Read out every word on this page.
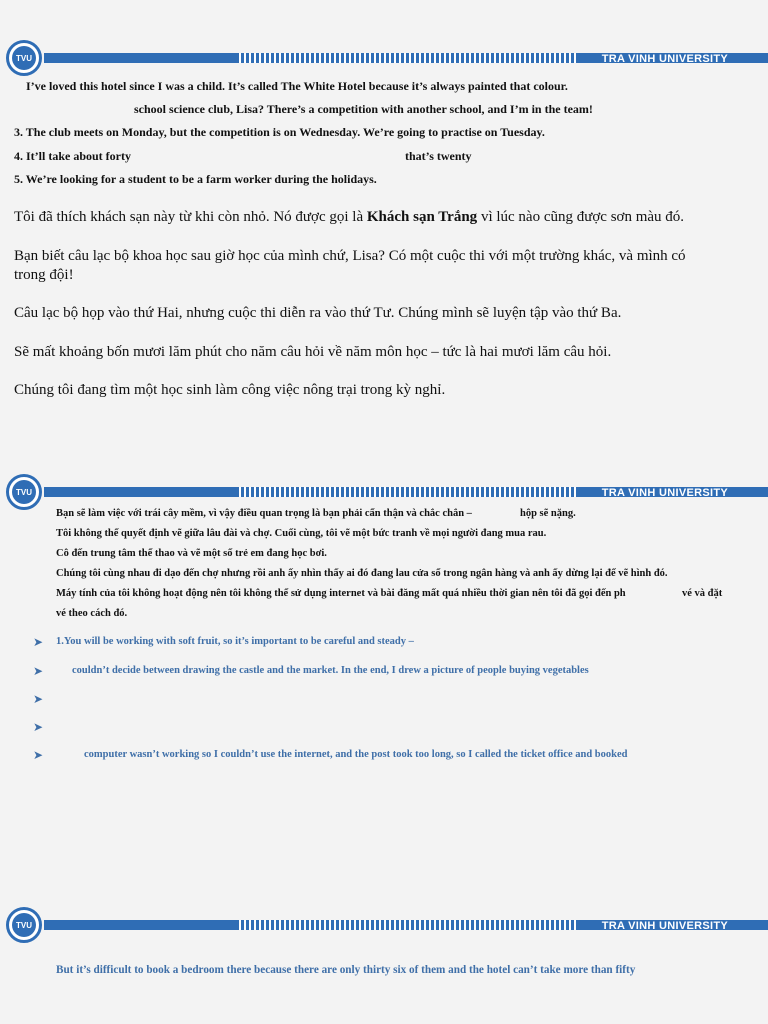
TVU	TRA VINH UNIVERSITY
I’ve loved this hotel since I was a child. It’s called The White Hotel because it’s always painted that colour.
school science club, Lisa? There’s a competition with another school, and I’m in the team!
3. The club meets on Monday, but the competition is on Wednesday. We’re going to practise on Tuesday.
4. It’ll take about forty	that’s twenty
5. We’re looking for a student to be a farm worker during the holidays.
Tôi đã thích khách sạn này từ khi còn nhỏ. Nó được gọi là Khách sạn Trắng vì lúc nào cũng được sơn màu đó.
Bạn biết câu lạc bộ khoa học sau giờ học của mình chứ, Lisa? Có một cuộc thi với một trường khác, và mình có
trong đội!
Câu lạc bộ họp vào thứ Hai, nhưng cuộc thi diễn ra vào thứ Tư. Chúng mình sẽ luyện tập vào thứ Ba.
Sẽ mất khoảng bốn mươi lăm phút cho năm câu hỏi về năm môn học – tức là hai mươi lăm câu hỏi.
Chúng tôi đang tìm một học sinh làm công việc nông trại trong kỳ nghỉ.
TVU	TRA VINH UNIVERSITY
Bạn sẽ làm việc với trái cây mềm, vì vậy điều quan trọng là bạn phải cẩn thận và chắc chắn –	hộp sẽ nặng.
Tôi không thể quyết định vẽ giữa lâu đài và chợ. Cuối cùng, tôi vẽ một bức tranh về mọi người đang mua rau.
Cô đến trung tâm thể thao và vẽ một số trẻ em đang học bơi.
Chúng tôi cùng nhau đi dạo đến chợ nhưng rồi anh ấy nhìn thấy ai đó đang lau cửa sổ trong ngân hàng và anh ấy dừng lại để vẽ hình đó.
Máy tính của tôi không hoạt động nên tôi không thể sử dụng internet và bài đăng mất quá nhiều thời gian nên tôi đã gọi đến ph	vé và đặt
vé theo cách đó.
➤ 1.You will be working with soft fruit, so it’s important to be careful and steady –
➤	couldn’t decide between drawing the castle and the market. In the end, I drew a picture of people buying vegetables
➤
➤
➤	computer wasn’t working so I couldn’t use the internet, and the post took too long, so I called the ticket office and booked
TVU	TRA VINH UNIVERSITY
But it’s difficult to book a bedroom there because there are only thirty six of them and the hotel can’t take more than fifty
